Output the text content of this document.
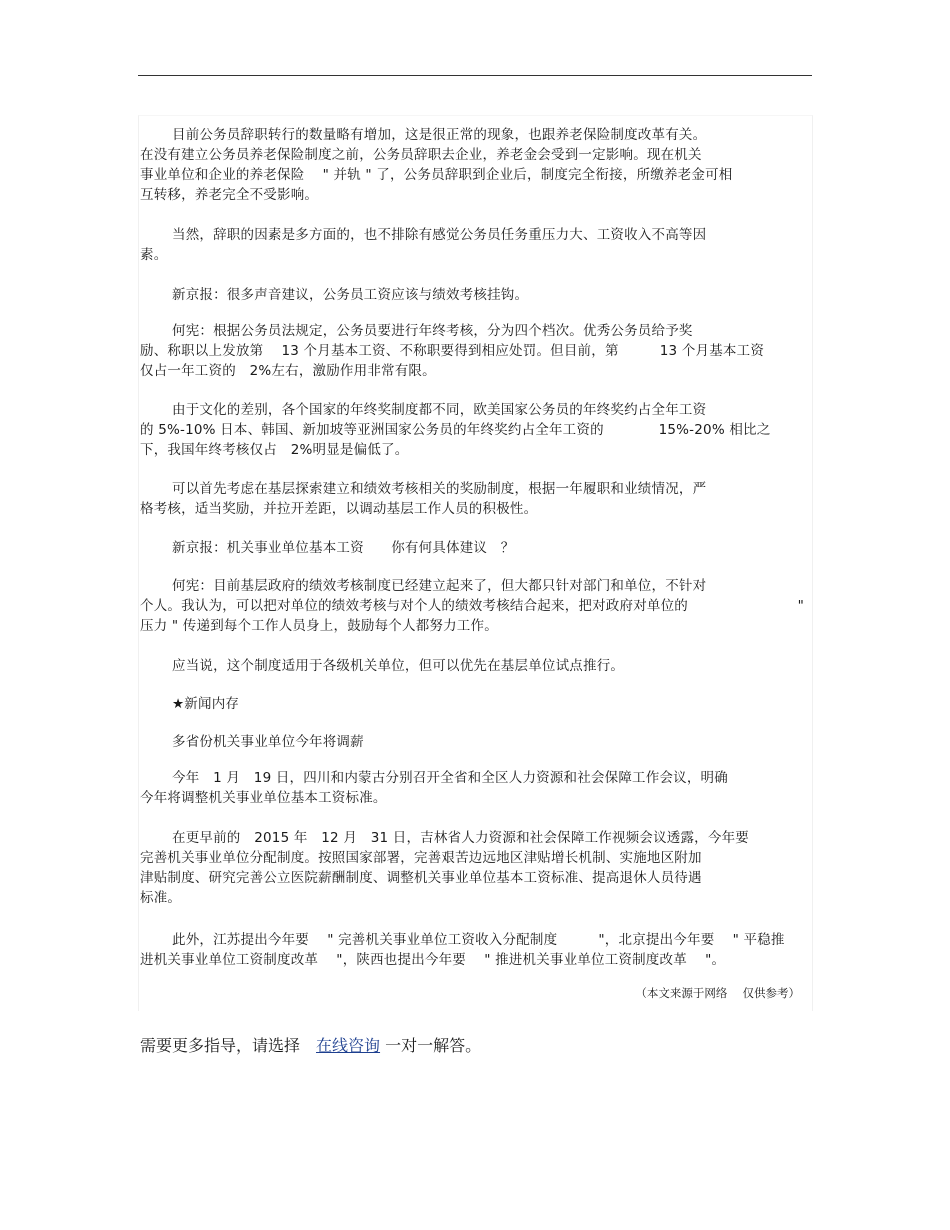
目前公务员辞职转行的数量略有增加，这是很正常的现象，也跟养老保险制度改革有关。
在没有建立公务员养老保险制度之前，公务员辞职去企业，养老金会受到一定影响。现在机关
事业单位和企业的养老保险　 " 并轨 " 了，公务员辞职到企业后，制度完全衔接，所缴养老金可相
互转移，养老完全不受影响。
当然，辞职的因素是多方面的，也不排除有感觉公务员任务重压力大、工资收入不高等因
素。
新京报：很多声音建议，公务员工资应该与绩效考核挂钩。
何宪：根据公务员法规定，公务员要进行年终考核，分为四个档次。优秀公务员给予奖
励、称职以上发放第　 13 个月基本工资、不称职要得到相应处罚。但目前，第　　　13 个月基本工资
仅占一年工资的　2%左右，激励作用非常有限。
由于文化的差别，各个国家的年终奖制度都不同，欧美国家公务员的年终奖约占全年工资
的 5%-10% 日本、韩国、新加坡等亚洲国家公务员的年终奖约占全年工资的　　　　15%-20% 相比之
下，我国年终考核仅占　2%明显是偏低了。
可以首先考虑在基层探索建立和绩效考核相关的奖励制度，根据一年履职和业绩情况，严
格考核，适当奖励，并拉开差距，以调动基层工作人员的积极性。
新京报：机关事业单位基本工资　　你有何具体建议　？
何宪：目前基层政府的绩效考核制度已经建立起来了，但大都只针对部门和单位，不针对
个人。我认为，可以把对单位的绩效考核与对个人的绩效考核结合起来，把对政府对单位的　　　　　　　　"
压力 " 传递到每个工作人员身上，鼓励每个人都努力工作。
应当说，这个制度适用于各级机关单位，但可以优先在基层单位试点推行。
★新闻内存
多省份机关事业单位今年将调薪
今年　1 月　19 日，四川和内蒙古分别召开全省和全区人力资源和社会保障工作会议，明确
今年将调整机关事业单位基本工资标准。
在更早前的　2015 年　12 月　31 日，吉林省人力资源和社会保障工作视频会议透露，今年要
完善机关事业单位分配制度。按照国家部署，完善艰苦边远地区津贴增长机制、实施地区附加
津贴制度、研究完善公立医院薪酬制度、调整机关事业单位基本工资标准、提高退休人员待遇
标准。
此外，江苏提出今年要　 " 完善机关事业单位工资收入分配制度　　　"，北京提出今年要　 " 平稳推
进机关事业单位工资制度改革　 "，陕西也提出今年要　 " 推进机关事业单位工资制度改革　 "。
（本文来源于网络　 仅供参考）
需要更多指导，请选择　 在线咨询 一对一解答。
